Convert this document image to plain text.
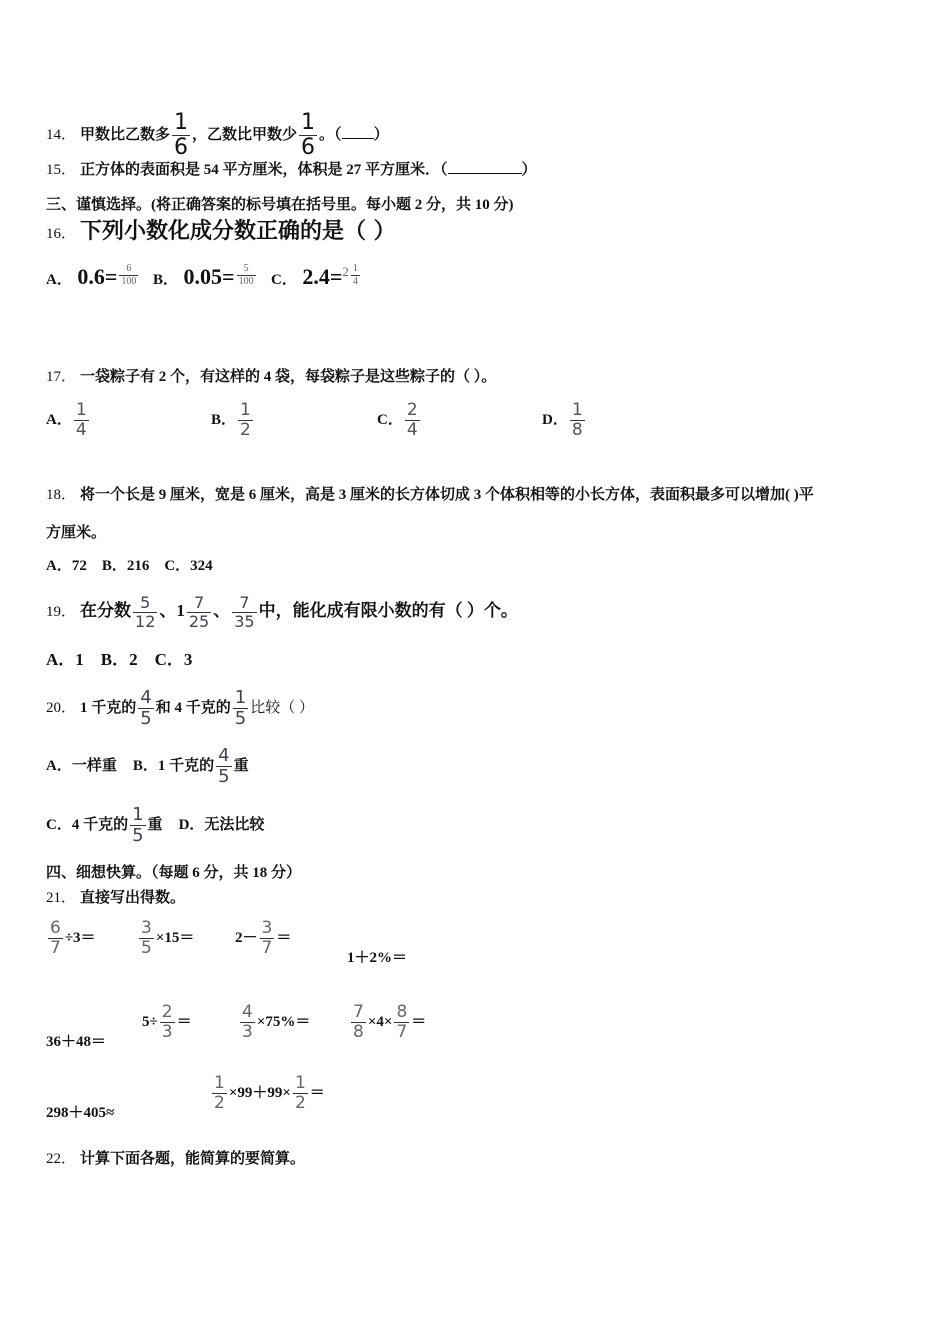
14． 甲数比乙数多 $\frac{1}{6}$ ，乙数比甲数少 $\frac{1}{6}$ 。（ ）
15． 正方体的表面积是 54 平方厘米，体积是 27 平方厘米．（	）
三、谨慎选择。(将正确答案的标号填在括号里。每小题 2 分，共 10 分)
16． 下列小数化成分数正确的是（ ）
A． $0.6= \frac{6}{100}$ B． $0.05= \frac{5}{100}$ C． $2.4=^2 \frac{1}{4}$
17． 一袋粽子有 2 个，有这样的 4 袋，每袋粽子是这些粽子的（ ）。
A． $\frac{1}{4}$	B． $\frac{1}{2}$	C． $\frac{2}{4}$	D． $\frac{1}{8}$
18． 将一个长是 9 厘米，宽是 6 厘米，高是 3 厘米的长方体切成 3 个体积相等的小长方体，表面积最多可以增加( )平
方厘米。
A．72    B．216    C．324
19． 在分数 $\frac{5}{12}$ 、$1 \frac{7}{25}$ 、 $\frac{7}{35}$ 中，能化成有限小数的有（ ）个。
A．1    B．2    C．3
20． 1 千克的 $\frac{4}{5}$ 和 4 千克的 $\frac{1}{5}$ 比较（ ）
A．一样重 B．1 千克的 $\frac{4}{5}$ 重
C．4 千克的 $\frac{1}{5}$ 重 D．无法比较
四、细想快算。（每题 6 分，共 18 分）
21． 直接写出得数。
$\frac{6}{7} \div 3=$	$\frac{3}{5} \times 15=$	$2- \frac{3}{7}$ ＝
1＋2%＝
36＋48＝
$5\div \frac{2}{3}$ ＝	$\frac{4}{3} \times 75\%= \frac{7}{8} \times 4\times \frac{8}{7}$ ＝
298＋405≈
$\frac{1}{2} \times 99+99\times \frac{1}{2}$ ＝
22． 计算下面各题，能简算的要简算。
